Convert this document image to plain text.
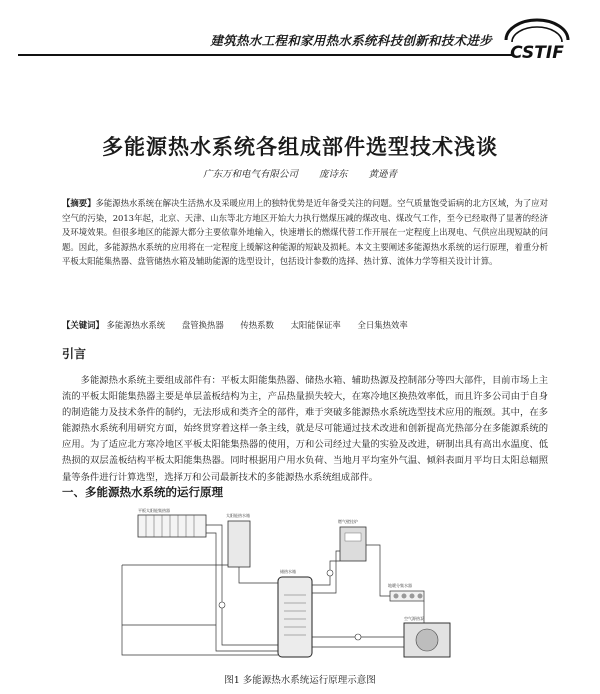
建筑热水工程和家用热水系统科技创新和技术进步
CSTIF
多能源热水系统各组成部件选型技术浅谈
广东万和电气有限公司 庞诗东 黄逊青
【摘要】多能源热水系统在解决生活热水及采暖应用上的独特优势是近年备受关注的问题。空气质量饱受诟病的北方区域，为了应对空气的污染，2013年起，北京、天津、山东等北方地区开始大力执行燃煤压减的煤改电、煤改气工作，至今已经取得了显著的经济及环境效果。但很多地区的能源大都分主要依靠外地输入，快速增长的燃煤代替工作开展在一定程度上出现电、气供应出现短缺的问题。因此，多能源热水系统的应用将在一定程度上缓解这种能源的短缺及损耗。本文主要阐述多能源热水系统的运行原理，着重分析平板太阳能集热器、盘管储热水箱及辅助能源的选型设计，包括设计参数的选择、热计算、流体力学等相关设计计算。
【关键词】 多能源热水系统 盘管换热器 传热系数 太阳能保证率 全日集热效率
引言
多能源热水系统主要组成部件有：平板太阳能集热器、储热水箱、辅助热源及控制部分等四大部件，目前市场上主流的平板太阳能集热器主要是单层盖板结构为主，产品热量损失较大，在寒冷地区换热效率低，而且许多公司由于自身的制造能力及技术条件的制约，无法形成和类齐全的部件，难于突破多能源热水系统选型技术应用的瓶颈。其中，在多能源热水系统利用研究方面，始终贯穿着这样一条主线，就是尽可能通过技术改进和创新提高光热部分在多能源系统的应用。为了适应北方寒冷地区平板太阳能集热器的使用，万和公司经过大量的实验及改进，研制出具有高出水温度、低热损的双层盖板结构平板太阳能集热器。同时根据用户用水负荷、当地月平均室外气温、倾斜表面月平均日太阳总辐照量等条件进行计算选型，选择万和公司最新技术的多能源热水系统组成部件。
一、多能源热水系统的运行原理
平板太阳能集热器
太阳能热水箱
燃气壁挂炉
储热水箱
地暖分集水器
空气源热泵
图1 多能源热水系统运行原理示意图
